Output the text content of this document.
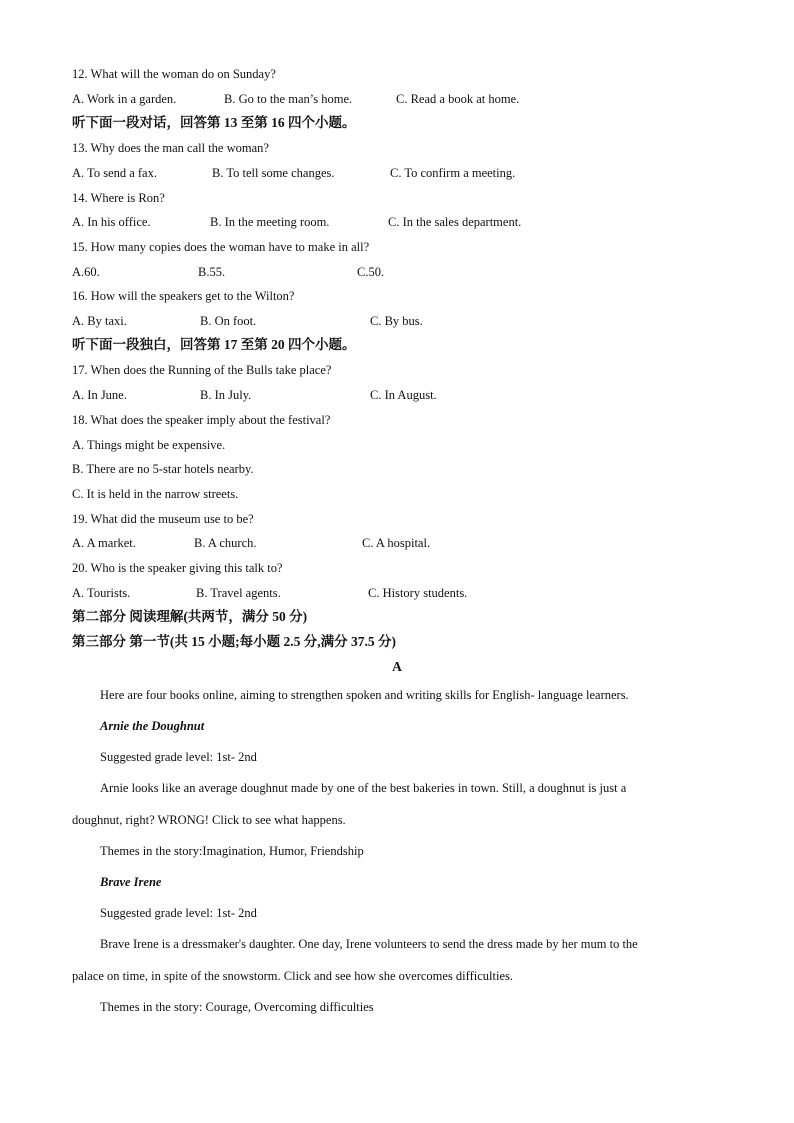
12. What will the woman do on Sunday?
A. Work in a garden.	B. Go to the man’s home.	C. Read a book at home.
听下面一段对话，回答第 13 至第 16 四个小题。
13. Why does the man call the woman?
A. To send a fax.	B. To tell some changes.	C. To confirm a meeting.
14. Where is Ron?
A. In his office.	B. In the meeting room.	C. In the sales department.
15. How many copies does the woman have to make in all?
A.60.	B.55.	C.50.
16. How will the speakers get to the Wilton?
A. By taxi.	B. On foot.	C. By bus.
听下面一段独白，回答第 17 至第 20 四个小题。
17. When does the Running of the Bulls take place?
A. In June.	B. In July.	C. In August.
18. What does the speaker imply about the festival?
A. Things might be expensive.
B. There are no 5-star hotels nearby.
C. It is held in the narrow streets.
19. What did the museum use to be?
A. A market.	B. A church.	C. A hospital.
20. Who is the speaker giving this talk to?
A. Tourists.	B. Travel agents.	C. History students.
第二部分 阅读理解(共两节，满分 50 分)
第三部分 第一节(共 15 小题;每小题 2.5 分,满分 37.5 分)
A
Here are four books online, aiming to strengthen spoken and writing skills for English- language learners.
Arnie the Doughnut
Suggested grade level: 1st- 2nd
Arnie looks like an average doughnut made by one of the best bakeries in town. Still, a doughnut is just a
doughnut, right? WRONG! Click to see what happens.
Themes in the story:Imagination, Humor, Friendship
Brave Irene
Suggested grade level: 1st- 2nd
Brave Irene is a dressmaker's daughter. One day, Irene volunteers to send the dress made by her mum to the
palace on time, in spite of the snowstorm. Click and see how she overcomes difficulties.
Themes in the story: Courage, Overcoming difficulties
